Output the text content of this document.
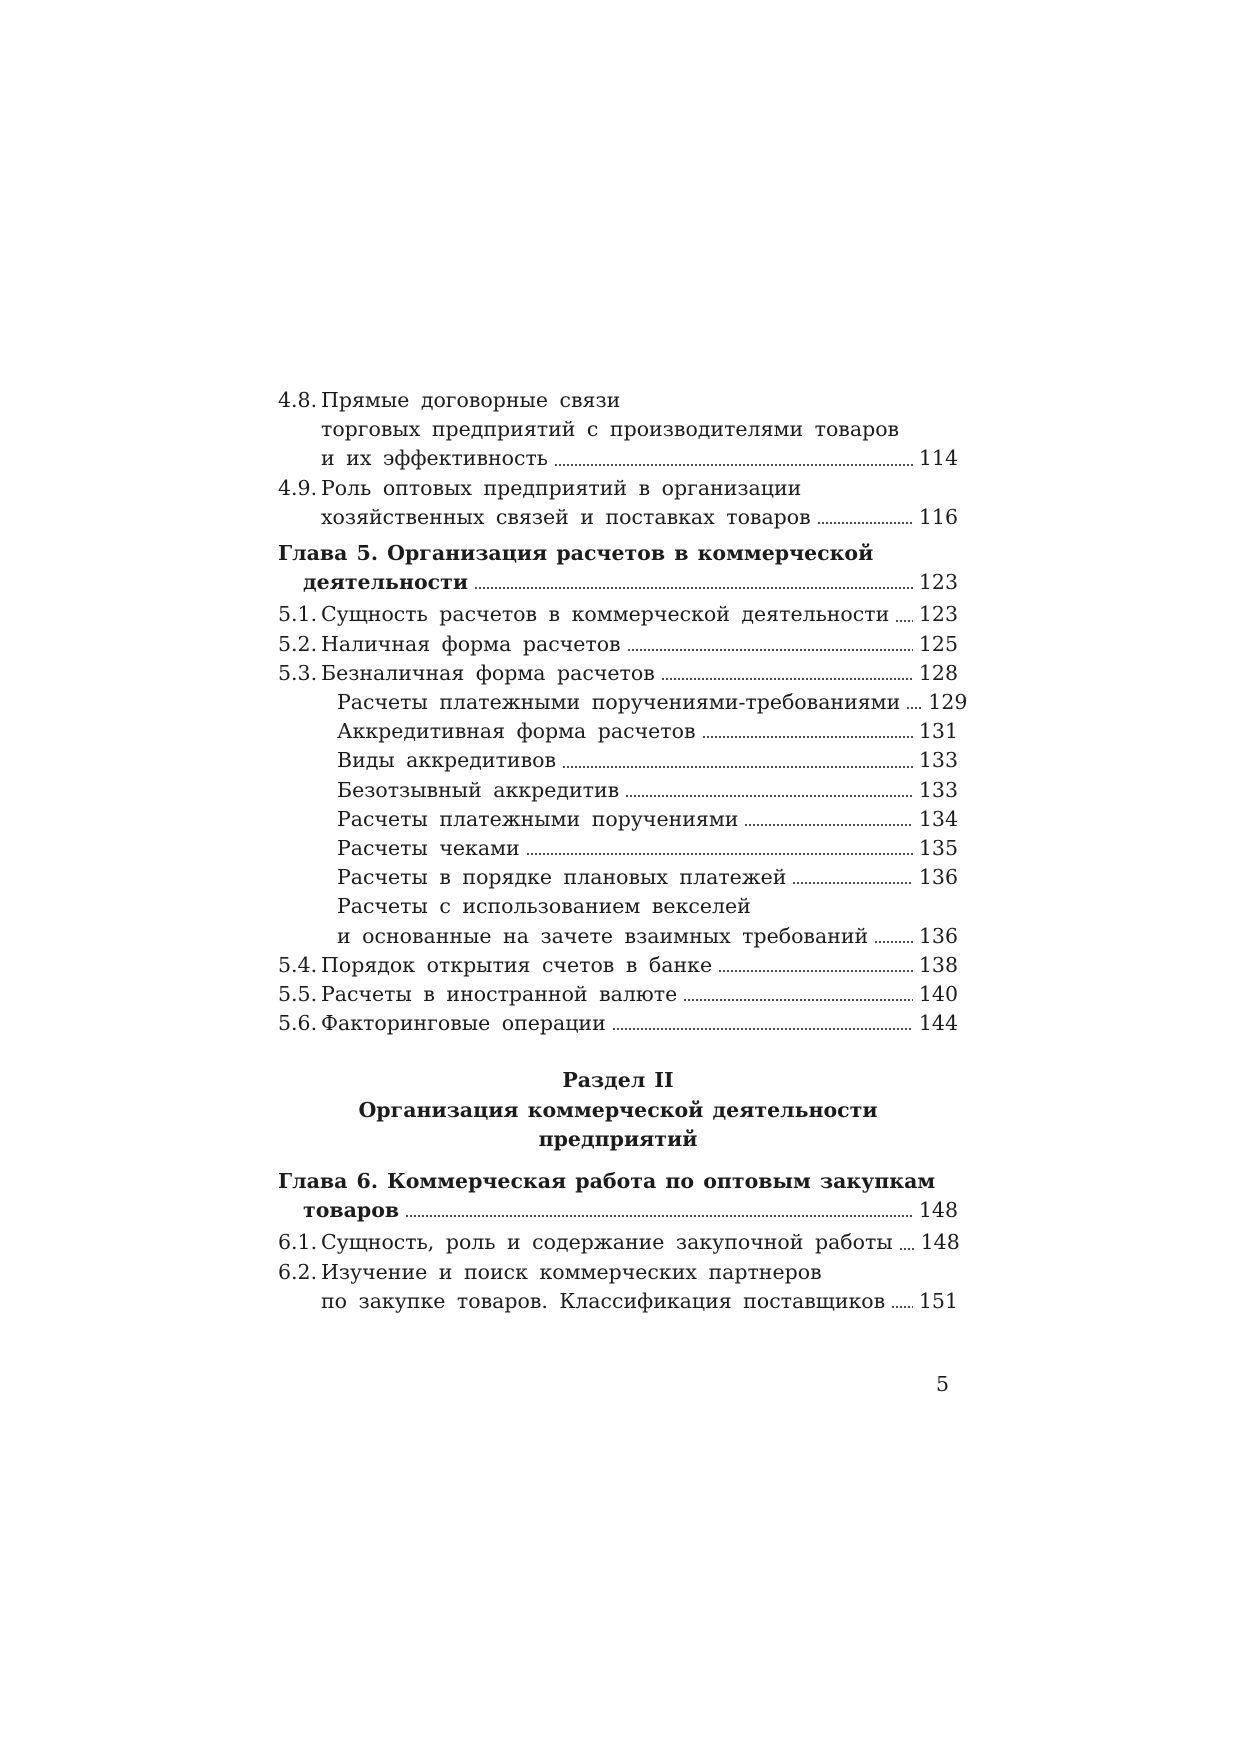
4.8. Прямые договорные связи
торговых предприятий с производителями товаров
и их эффективность	114
4.9. Роль оптовых предприятий в организации
хозяйственных связей и поставках товаров	116
Глава 5. Организация расчетов в коммерческой
деятельности	123
5.1. Сущность расчетов в коммерческой деятельности 123
5.2. Наличная форма расчетов	125
5.3. Безналичная форма расчетов	128
Расчеты платежными поручениями-требованиями 129
Аккредитивная форма расчетов	131
Виды аккредитивов	133
Безотзывный аккредитив	133
Расчеты платежными поручениями	134
Расчеты чеками	135
Расчеты в порядке плановых платежей	136
Расчеты с использованием векселей
и основанные на зачете взаимных требований 136
5.4. Порядок открытия счетов в банке	138
5.5. Расчеты в иностранной валюте	140
5.6. Факторинговые операции	144
Раздел II
Организация коммерческой деятельности
предприятий
Глава 6. Коммерческая работа по оптовым закупкам
товаров	148
6.1. Сущность, роль и содержание закупочной работы 148
6.2. Изучение и поиск коммерческих партнеров
по закупке товаров. Классификация поставщиков 151
5
